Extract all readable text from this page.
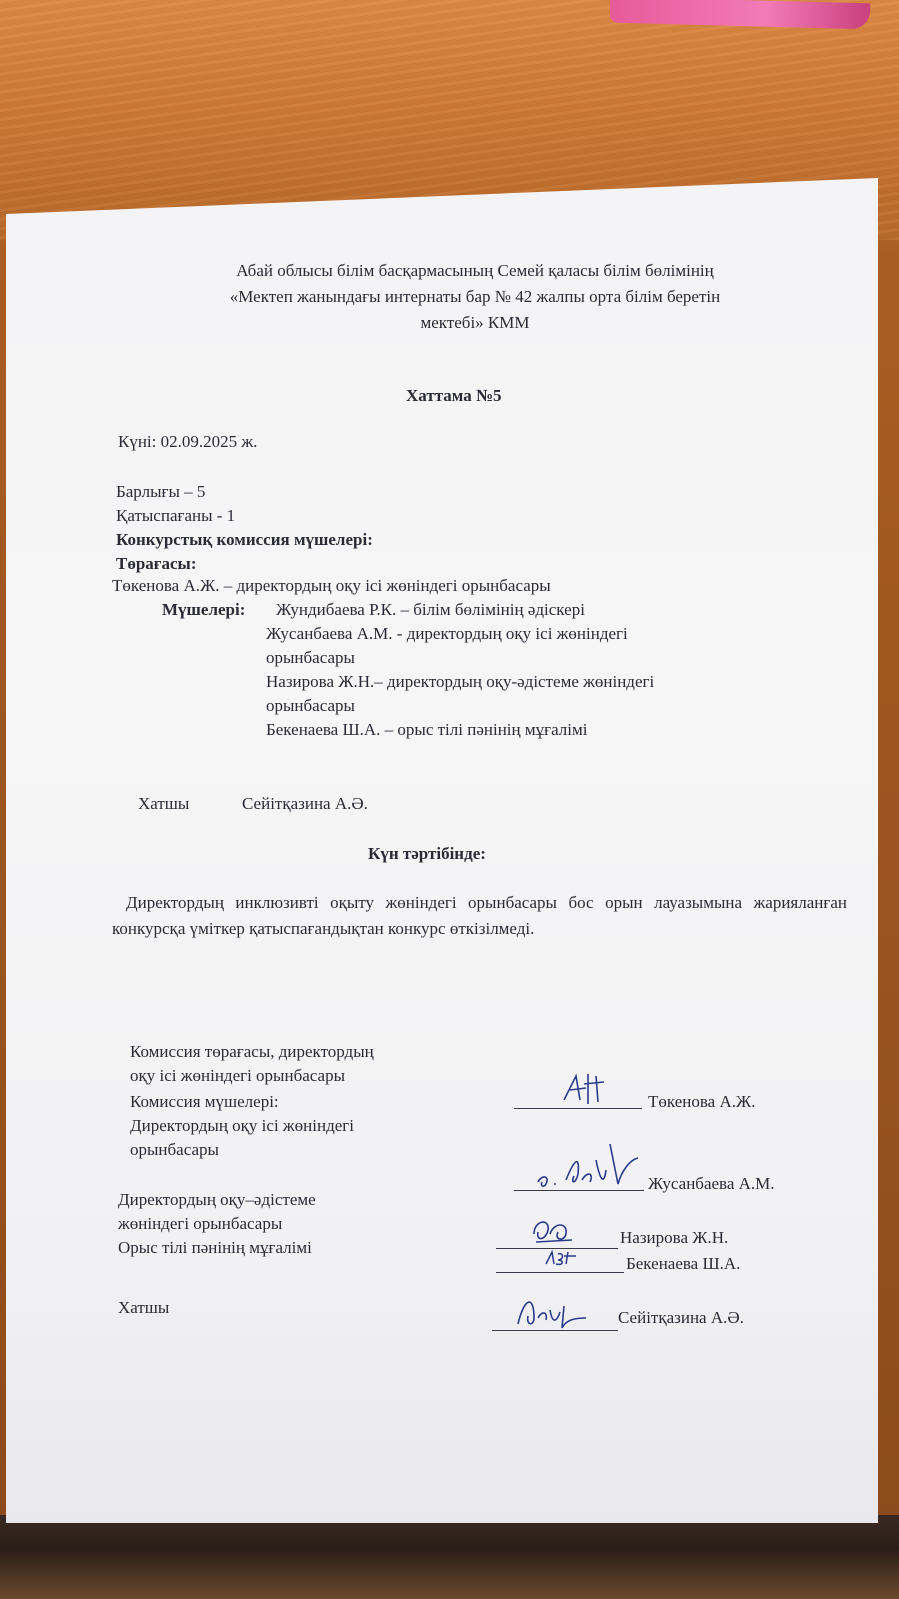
Абай облысы білім басқармасының Семей қаласы білім бөлімінің
«Мектеп жанындағы интернаты бар № 42 жалпы орта білім беретін
мектебі» КММ
Хаттама №5
Күні: 02.09.2025 ж.
Барлығы – 5
Қатыспағаны - 1
Конкурстық комиссия мүшелері:
Төрағасы:
Төкенова А.Ж. – директордың оқу ісі жөніндегі орынбасары
Мүшелері: Жундибаева Р.К. – білім бөлімінің әдіскері
Жусанбаева А.М. - директордың оқу ісі жөніндегі
орынбасары
Назирова Ж.Н.– директордың оқу-әдістеме жөніндегі
орынбасары
Бекенаева Ш.А. – орыс тілі пәнінің мұғалімі
Хатшы	Сейітқазина А.Ә.
Күн тәртібінде:
Директордың инклюзивті оқыту жөніндегі орынбасары бос орын лауазымына жарияланған конкурсқа үміткер қатыспағандықтан конкурс өткізілмеді.
Комиссия төрағасы, директордың
оқу ісі жөніндегі орынбасары
Төкенова А.Ж.
Комиссия мүшелері:
Директордың оқу ісі жөніндегі
орынбасары
Жусанбаева А.М.
Директордың оқу–әдістеме
жөніндегі орынбасары
Назирова Ж.Н.
Орыс тілі пәнінің мұғалімі
Бекенаева Ш.А.
Хатшы
Сейітқазина А.Ә.
